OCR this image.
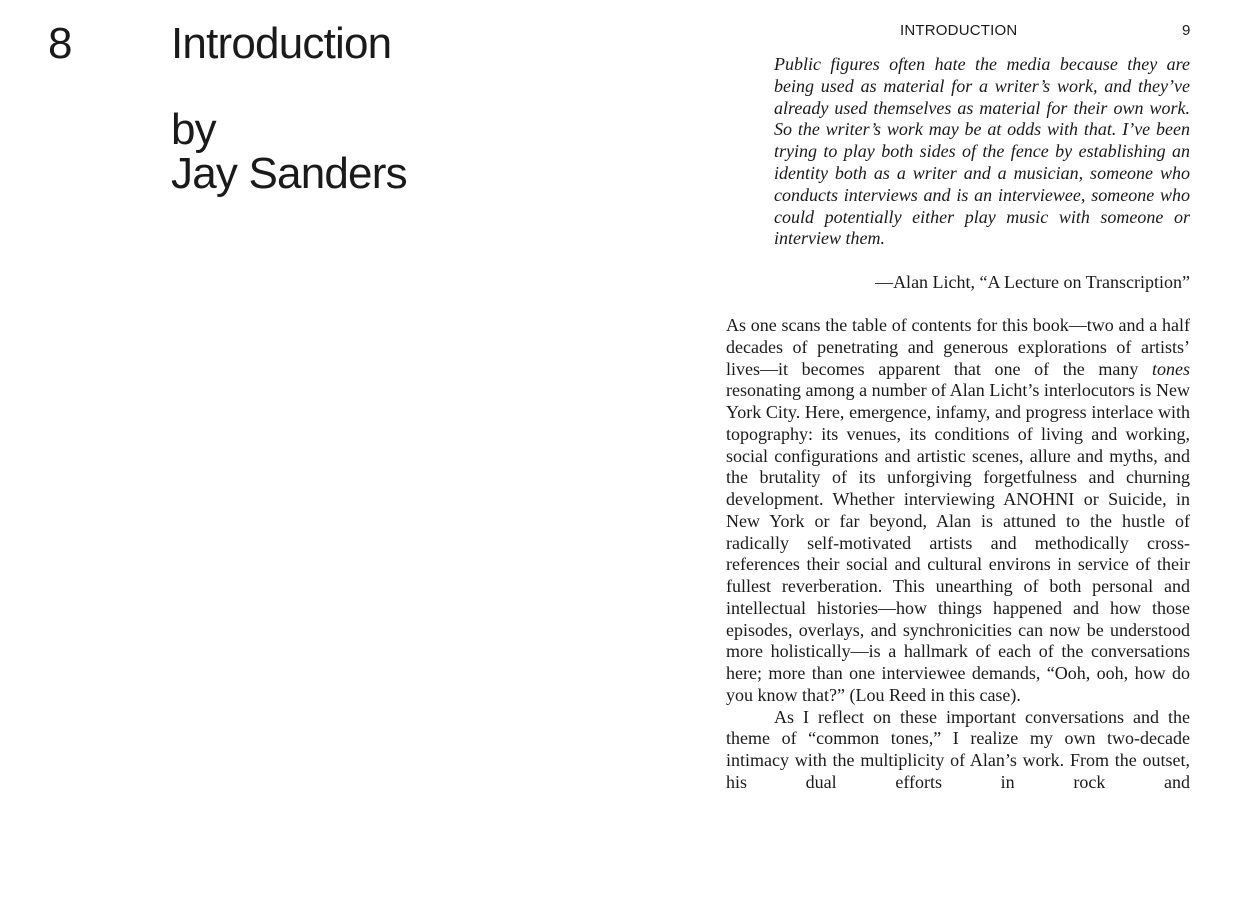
8 Introduction
by
Jay Sanders
INTRODUCTION	9

Public figures often hate the media because they are being used as material for a writer’s work, and they’ve already used themselves as material for their own work. So the writer’s work may be at odds with that. I’ve been trying to play both sides of the fence by establishing an identity both as a writer and a musician, someone who conducts interviews and is an interviewee, someone who could potentially either play music with someone or interview them.

—Alan Licht, “A Lecture on Transcription”

As one scans the table of contents for this book—two and a half decades of penetrating and generous explorations of artists’ lives—it becomes apparent that one of the many tones resonating among a number of Alan Licht’s interlocutors is New York City. Here, emergence, infamy, and progress interlace with topography: its venues, its conditions of living and working, social configurations and artistic scenes, allure and myths, and the brutality of its unforgiving forgetfulness and churning development. Whether interviewing ANOHNI or Suicide, in New York or far beyond, Alan is attuned to the hustle of radically self-motivated artists and methodically cross-references their social and cultural environs in service of their fullest reverberation. This unearthing of both personal and intellectual histories—how things happened and how those episodes, overlays, and synchronicities can now be understood more holistically—is a hallmark of each of the conversations here; more than one interviewee demands, “Ooh, ooh, how do you know that?” (Lou Reed in this case).

As I reflect on these important conversations and the theme of “common tones,” I realize my own two-decade intimacy with the multiplicity of Alan’s work. From the outset, his dual efforts in rock and
